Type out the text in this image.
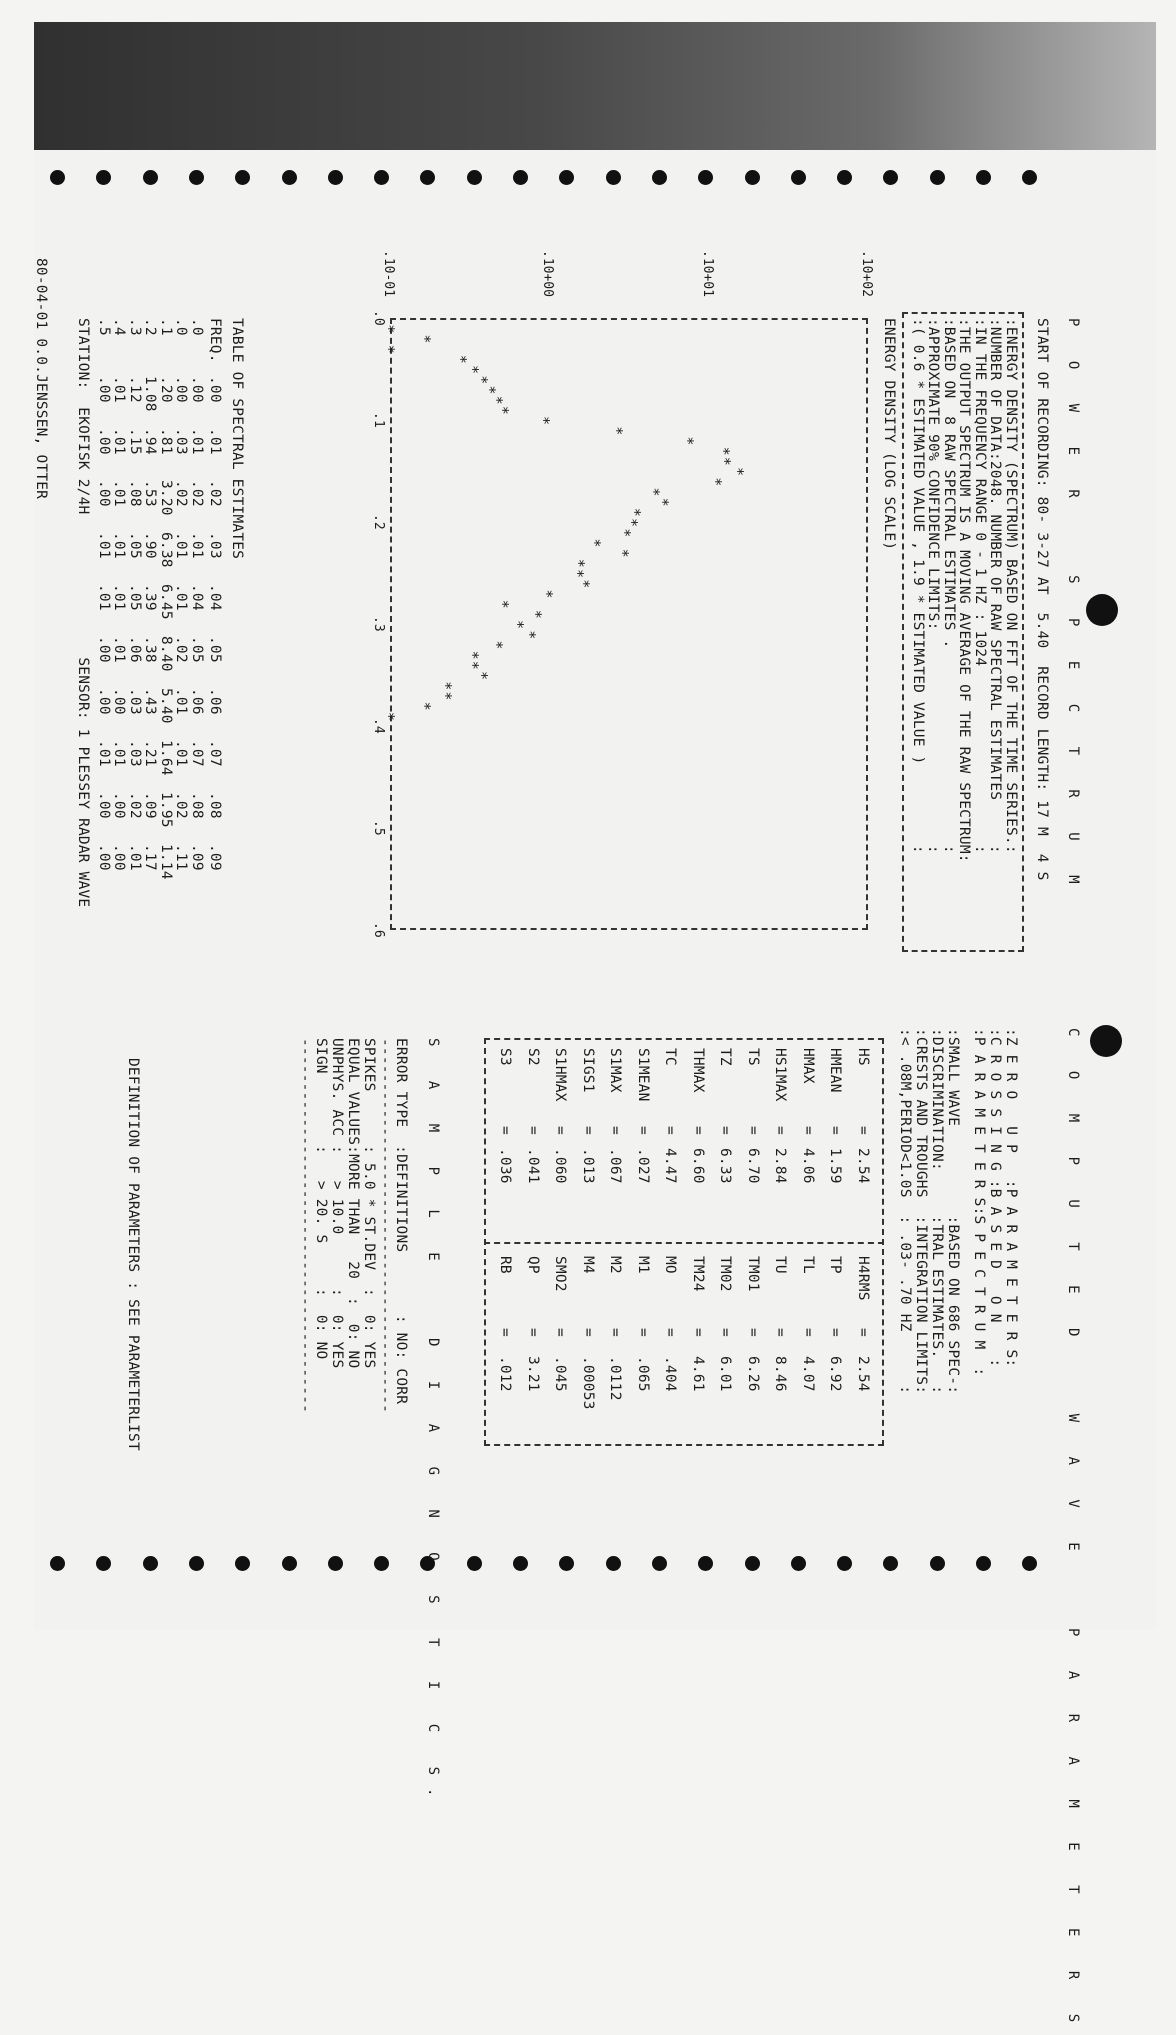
P O W E R   S P E C T R U M
START OF RECORDING: 80- 3-27 AT  5.40  RECORD LENGTH: 17 M  4 S
:ENERGY DENSITY (SPECTRUM) BASED ON FFT OF THE TIME SERIES.:
:NUMBER OF DATA:2048. NUMBER OF RAW SPECTRAL ESTIMATES     :
:IN THE FREQUENCY RANGE 0 - 1 HZ : 1024                    :
:THE OUTPUT SPECTRUM IS A MOVING AVERAGE OF THE RAW SPECTRUM:
:BASED ON  8 RAW SPECTRAL ESTIMATES .                      :
:APPROXIMATE 90% CONFIDENCE LIMITS:                        :
:( 0.6 * ESTIMATED VALUE , 1.9 * ESTIMATED VALUE )         :
ENERGY DENSITY (LOG SCALE)
.10+02
.10+01
.10+00
.10-01
.0
.1
.2
.3
.4
.5
.6
*
*
*
*
*
*
*
*
*
*
*
*
*
*
*
*
*
*
*
*
*
*
*
*
*
*
*
*
*
*
*
*
*
*
*
*
*
*
*
TABLE OF SPECTRAL ESTIMATES
FREQ.
.00
.01
.02
.03
.04
.05
.06
.07
.08
.09
.0
.00
.01
.02
.01
.04
.05
.06
.07
.08
.09
.0
.00
.03
.02
.01
.01
.02
.01
.01
.02
.11
.1
.20
.81
3.20
6.38
6.45
8.40
5.40
1.64
1.95
1.14
.2
1.08
.94
.53
.90
.39
.38
.43
.21
.09
.17
.3
.12
.15
.08
.05
.05
.06
.03
.03
.02
.01
.4
.01
.01
.01
.01
.01
.01
.00
.01
.00
.00
.5
.00
.00
.00
.01
.01
.00
.00
.01
.00
.00
STATION:  EKOFISK 2/4H                SENSOR: 1 PLESSEY RADAR WAVE
80-04-01 0.0.JENSSEN, OTTER
C O M P U T E D   W A V E   P A R A M E T E R S
:Z E R O   U P   :P A R A M E T E R S:
:C R O S S I N G :B A S E D   O N    :
:P A R A M E T E R S:S P E C T R U M  :
:SMALL WAVE          :BASED ON 686 SPEC-:
:DISCRIMINATION:     :TRAL ESTIMATES.   :
:CRESTS AND TROUGHS  :INTEGRATION LIMITS:
:< .08M,PERIOD<1.0S  : .03- .70 HZ      :
HS
=
2.54
H4RMS
=
2.54
HMEAN
=
1.59
TP
=
6.92
HMAX
=
4.06
TL
=
4.07
HS1MAX
=
2.84
TU
=
8.46
TS
=
6.70
TM01
=
6.26
TZ
=
6.33
TM02
=
6.01
THMAX
=
6.60
TM24
=
4.61
TC
=
4.47
MO
=
.404
S1MEAN
=
.027
M1
=
.065
S1MAX
=
.067
M2
=
.0112
SIGS1
=
.013
M4
=
.00053
S1HMAX
=
.060
SMO2
=
.045
S2
=
.041
QP
=
3.21
S3
=
.036
RB
=
.012
S A M P L E   D I A G N O S T I C S.
ERROR TYPE  :DEFINITIONS       : NO: CORR
------------------------------------------
SPIKES      : 5.0 * ST.DEV  :  0: YES
EQUAL VALUES:MORE THAN   20  :  0: NO
UNPHYS. ACC :   > 10.0      :  0: YES
SIGN        :   > 20. S     :  0: NO
------------------------------------------
DEFINITION OF PARAMETERS : SEE PARAMETERLIST
